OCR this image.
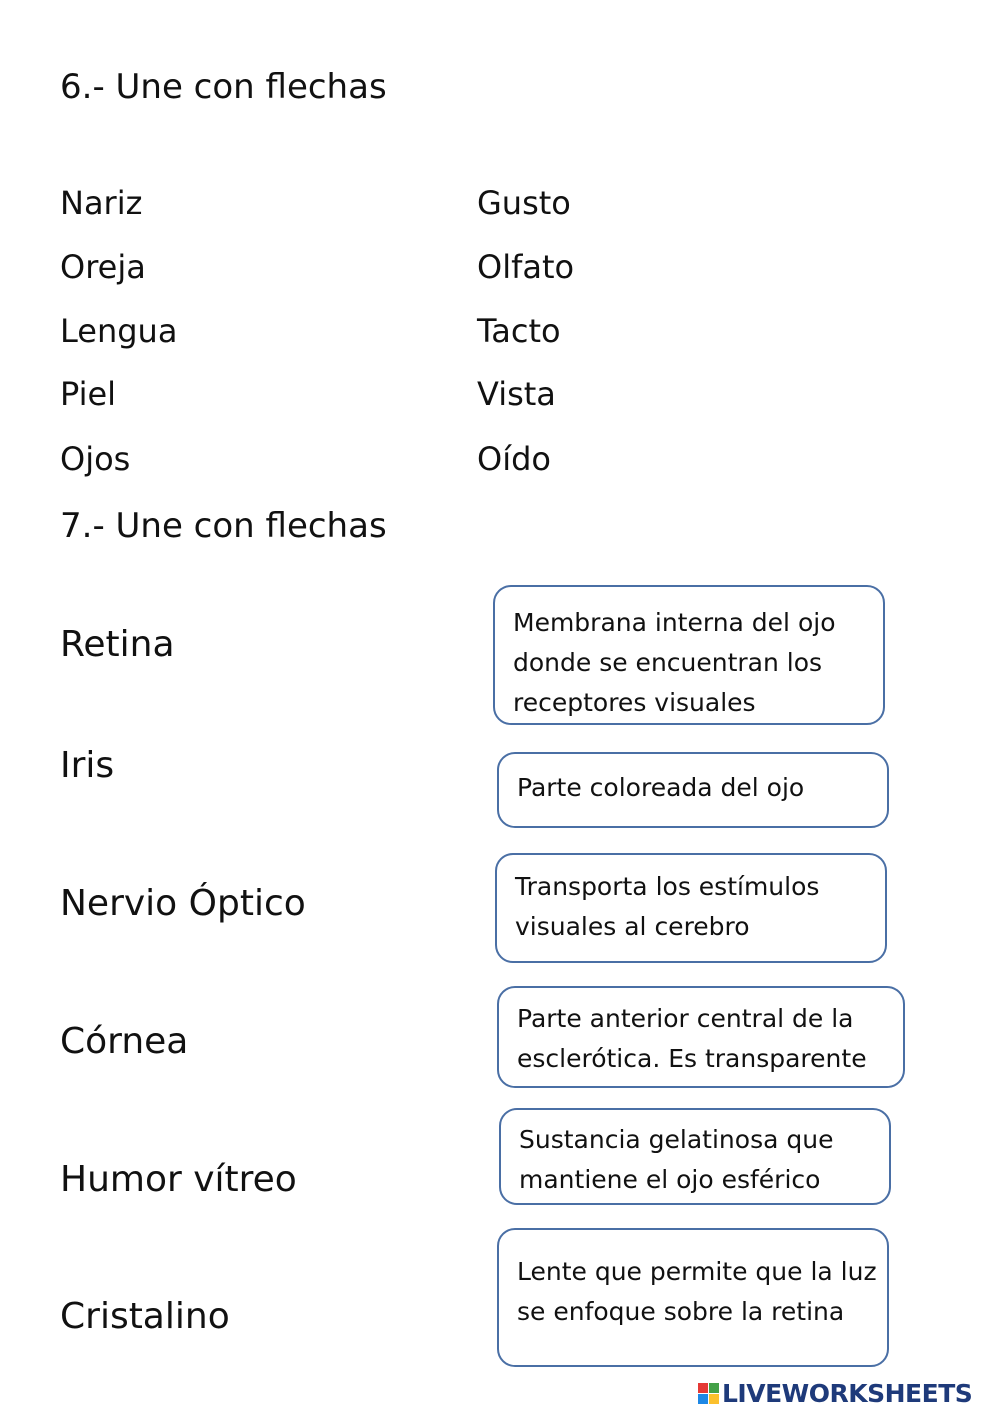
6.- Une con flechas
Nariz
Oreja
Lengua
Piel
Ojos
Gusto
Olfato
Tacto
Vista
Oído
7.- Une con flechas
Retina
Iris
Nervio Óptico
Córnea
Humor vítreo
Cristalino
Membrana interna del ojo
donde se encuentran los
receptores visuales
Parte coloreada del ojo
Transporta los estímulos
visuales al cerebro
Parte anterior central de la
esclerótica. Es transparente
Sustancia gelatinosa que
mantiene el ojo esférico
Lente que permite que la luz
se enfoque sobre la retina
LIVEWORKSHEETS
